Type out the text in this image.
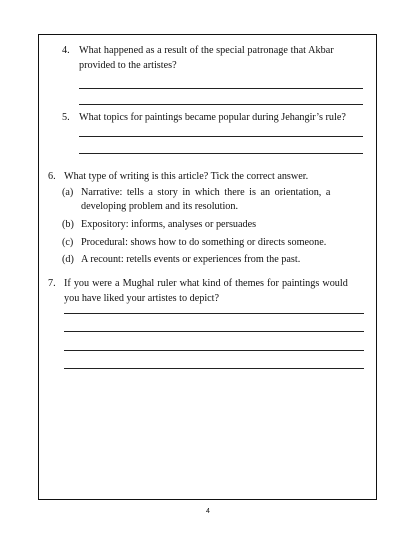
4. What happened as a result of the special patronage that Akbar
provided to the artistes?
5. What topics for paintings became popular during Jehangir’s rule?
6. What type of writing is this article? Tick the correct answer.
(a) Narrative: tells a story in which there is an orientation, a
developing problem and its resolution.
(b) Expository: informs, analyses or persuades
(c) Procedural: shows how to do something or directs someone.
(d) A recount: retells events or experiences from the past.
7. If you were a Mughal ruler what kind of themes for paintings would
you have liked your artistes to depict?
4
